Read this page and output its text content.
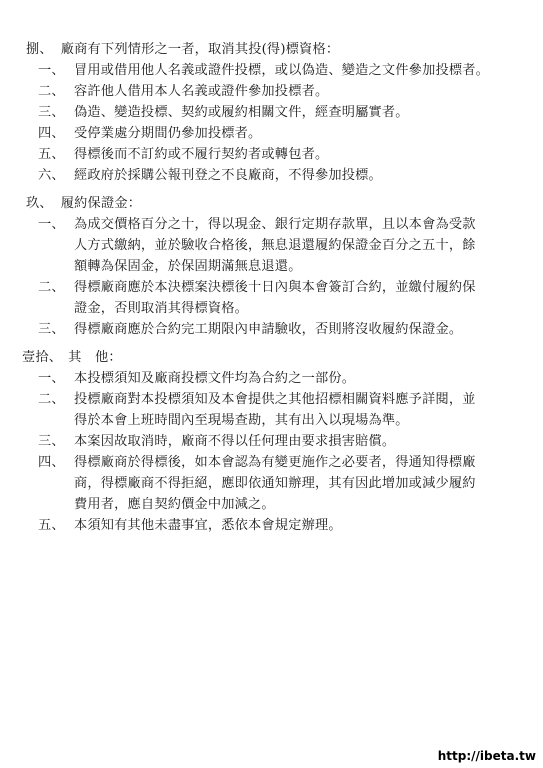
捌、 廠商有下列情形之一者，取消其投(得)標資格：
一、 冒用或借用他人名義或證件投標，或以偽造、變造之文件參加投標者。
二、 容許他人借用本人名義或證件參加投標者。
三、 偽造、變造投標、契約或履約相關文件，經查明屬實者。
四、 受停業處分期間仍參加投標者。
五、 得標後而不訂約或不履行契約者或轉包者。
六、 經政府於採購公報刊登之不良廠商，不得參加投標。
玖、 履約保證金：
一、 為成交價格百分之十，得以現金、銀行定期存款單，且以本會為受款
人方式繳納，並於驗收合格後，無息退還履約保證金百分之五十，餘
額轉為保固金，於保固期滿無息退還。
二、 得標廠商應於本決標案決標後十日內與本會簽訂合約，並繳付履約保
證金，否則取消其得標資格。
三、 得標廠商應於合約完工期限內申請驗收，否則將沒收履約保證金。
壹拾、 其　他：
一、 本投標須知及廠商投標文件均為合約之一部份。
二、 投標廠商對本投標須知及本會提供之其他招標相關資料應予詳閱，並
得於本會上班時間內至現場查勘，其有出入以現場為準。
三、 本案因故取消時，廠商不得以任何理由要求損害賠償。
四、 得標廠商於得標後，如本會認為有變更施作之必要者，得通知得標廠
商，得標廠商不得拒絕，應即依通知辦理，其有因此增加或減少履約
費用者，應自契約價金中加減之。
五、 本須知有其他未盡事宜，悉依本會規定辦理。
http://ibeta.tw
